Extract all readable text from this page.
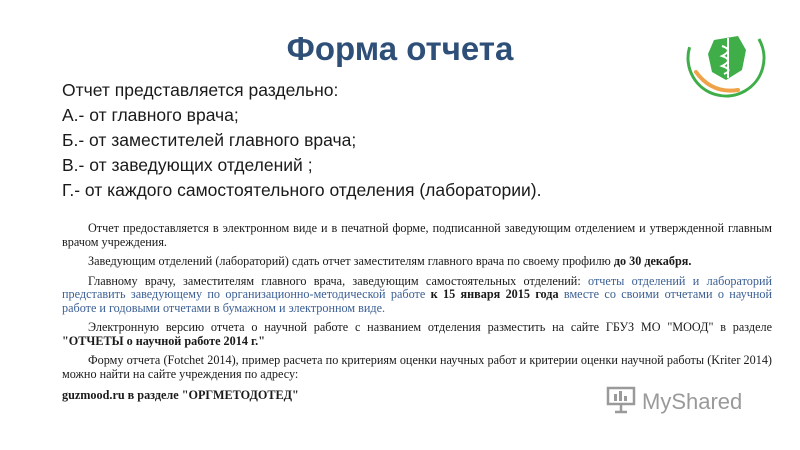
Форма отчета
Отчет представляется раздельно:
А.- от главного врача;
Б.- от заместителей главного врача;
В.- от заведующих отделений ;
Г.- от каждого самостоятельного отделения (лаборатории).

Отчет предоставляется в электронном виде и в печатной форме, подписанной заведующим отделением и утвержденной главным врачом учреждения.

Заведующим отделений (лабораторий) сдать отчет заместителям главного врача по своему профилю до 30 декабря.

Главному врачу, заместителям главного врача, заведующим самостоятельных отделений: отчеты отделений и лабораторий представить заведующему по организационно-методической работе к 15 января 2015 года вместе со своими отчетами о научной работе и годовыми отчетами в бумажном и электронном виде.

Электронную версию отчета о научной работе с названием отделения разместить на сайте ГБУЗ МО "МООД" в разделе "ОТЧЕТЫ о научной работе 2014 г."

Форму отчета (Fotchet 2014), пример расчета по критериям оценки научных работ и критерии оценки научной работы (Kriter 2014) можно найти на сайте учреждения по адресу:

guzmood.ru в разделе "ОРГМЕТОДОТЕД"	MyShared
